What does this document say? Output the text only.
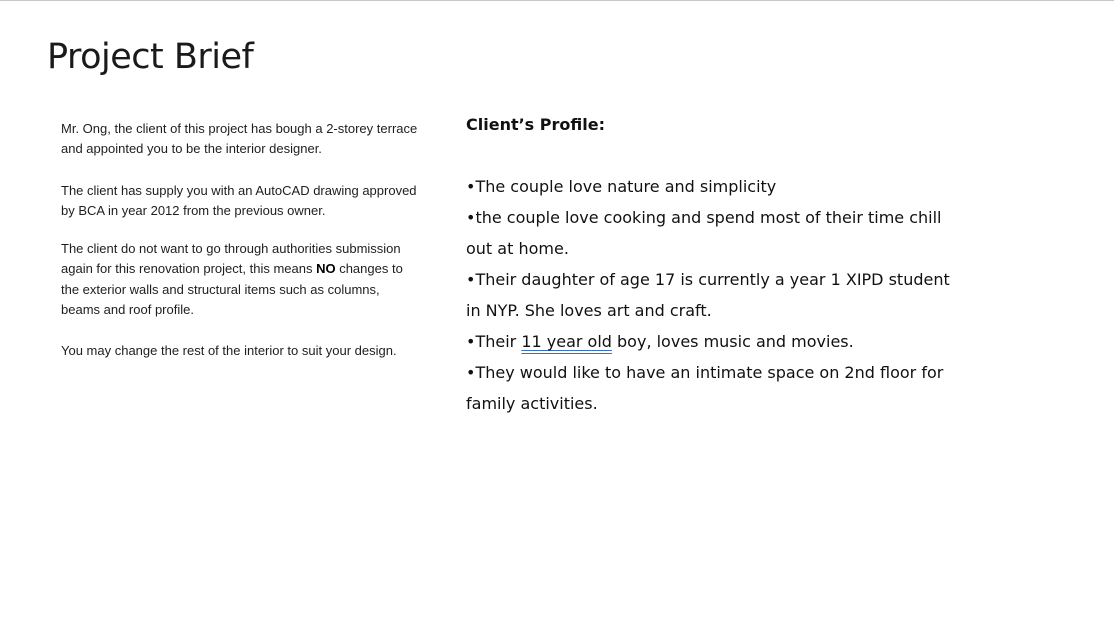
Project Brief

Mr. Ong, the client of this project has bough a 2-storey terrace and appointed you to be the interior designer.

The client has supply you with an AutoCAD drawing approved by BCA in year 2012 from the previous owner.

The client do not want to go through authorities submission again for this renovation project, this means NO changes to the exterior walls and structural items such as columns, beams and roof profile.

You may change the rest of the interior to suit your design.

Client’s Profile:
•The couple love nature and simplicity
•the couple love cooking and spend most of their time chill out at home.
•Their daughter of age 17 is currently a year 1 XIPD student in NYP. She loves art and craft.
•Their 11 year old boy, loves music and movies.
•They would like to have an intimate space on 2nd floor for family activities.
